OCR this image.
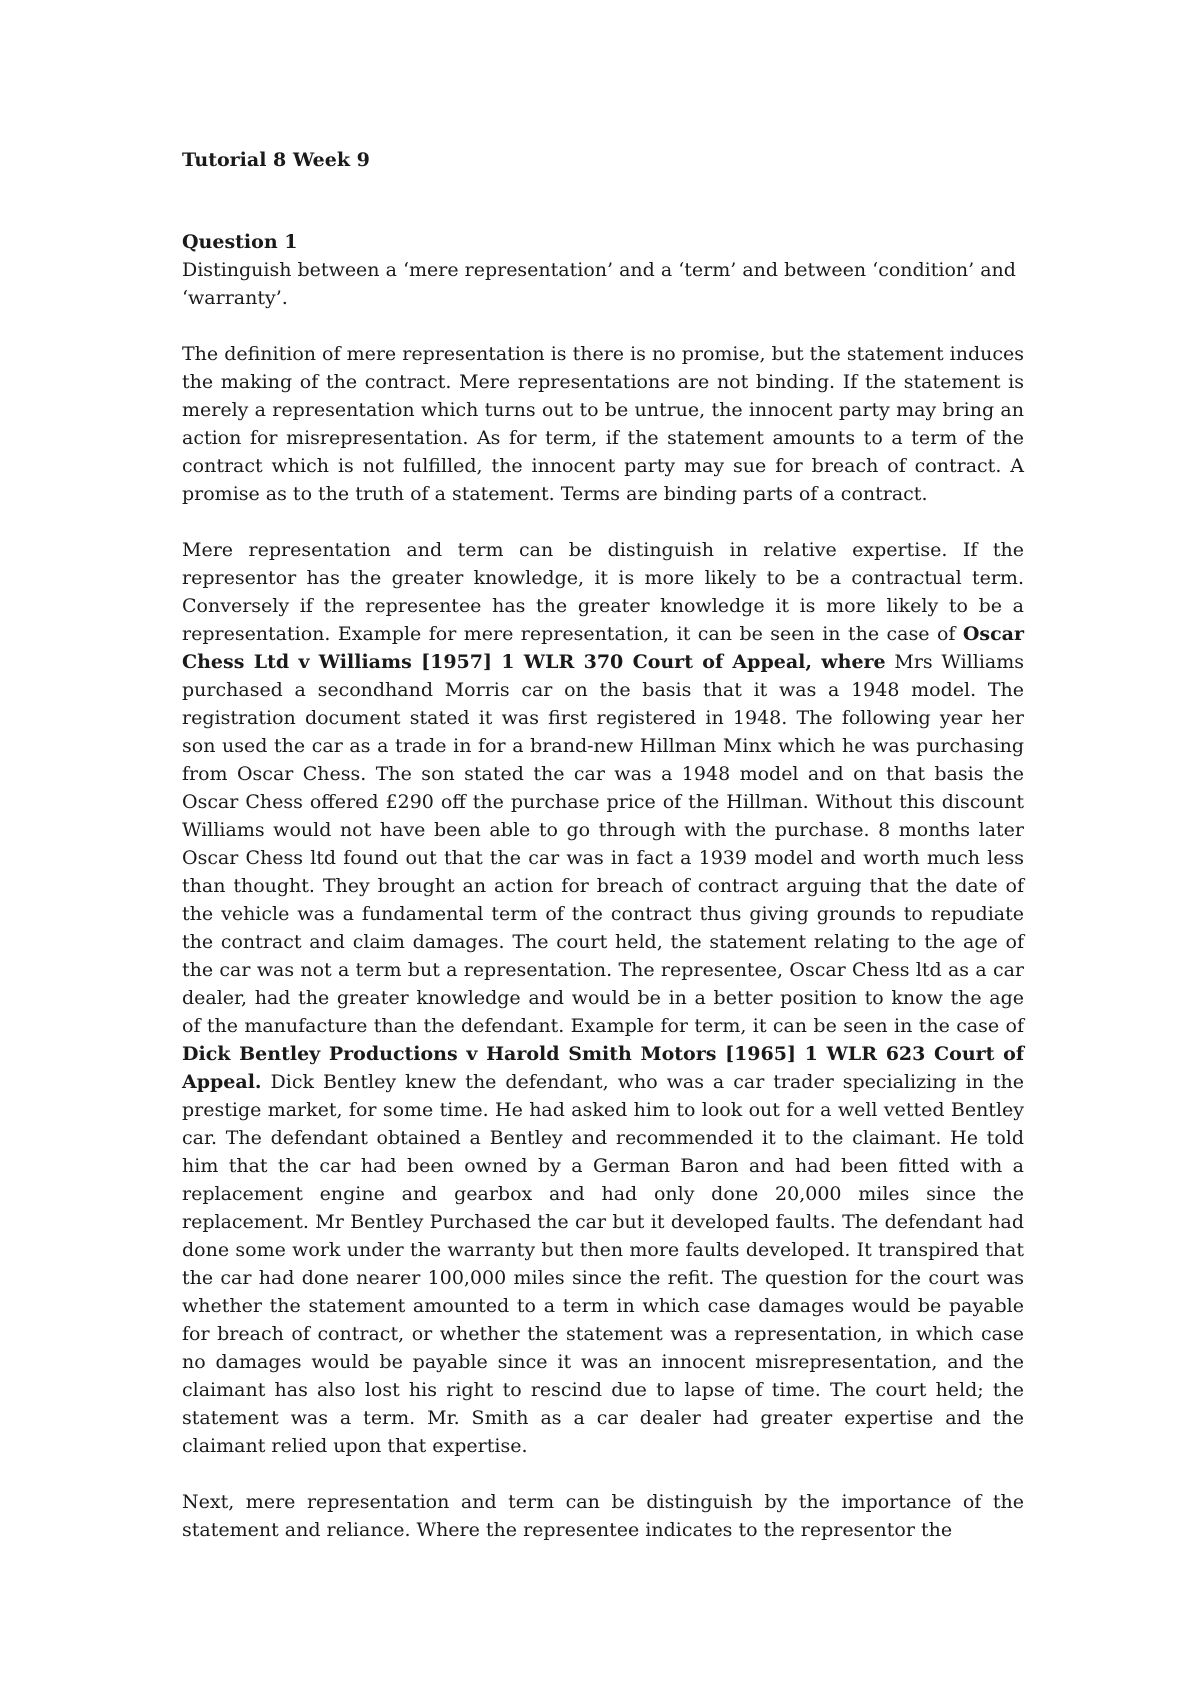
Tutorial 8 Week 9
Question 1

Distinguish between a ‘mere representation’ and a ‘term’ and between ‘condition’ and ‘warranty’.

The definition of mere representation is there is no promise, but the statement induces the making of the contract. Mere representations are not binding. If the statement is merely a representation which turns out to be untrue, the innocent party may bring an action for misrepresentation. As for term, if the statement amounts to a term of the contract which is not fulfilled, the innocent party may sue for breach of contract. A promise as to the truth of a statement. Terms are binding parts of a contract.

Mere representation and term can be distinguish in relative expertise. If the representor has the greater knowledge, it is more likely to be a contractual term. Conversely if the representee has the greater knowledge it is more likely to be a representation. Example for mere representation, it can be seen in the case of Oscar Chess Ltd v Williams [1957] 1 WLR 370 Court of Appeal, where Mrs Williams purchased a secondhand Morris car on the basis that it was a 1948 model. The registration document stated it was first registered in 1948. The following year her son used the car as a trade in for a brand-new Hillman Minx which he was purchasing from Oscar Chess. The son stated the car was a 1948 model and on that basis the Oscar Chess offered £290 off the purchase price of the Hillman. Without this discount Williams would not have been able to go through with the purchase. 8 months later Oscar Chess ltd found out that the car was in fact a 1939 model and worth much less than thought. They brought an action for breach of contract arguing that the date of the vehicle was a fundamental term of the contract thus giving grounds to repudiate the contract and claim damages. The court held, the statement relating to the age of the car was not a term but a representation. The representee, Oscar Chess ltd as a car dealer, had the greater knowledge and would be in a better position to know the age of the manufacture than the defendant. Example for term, it can be seen in the case of Dick Bentley Productions v Harold Smith Motors [1965] 1 WLR 623 Court of Appeal. Dick Bentley knew the defendant, who was a car trader specializing in the prestige market, for some time. He had asked him to look out for a well vetted Bentley car. The defendant obtained a Bentley and recommended it to the claimant. He told him that the car had been owned by a German Baron and had been fitted with a replacement engine and gearbox and had only done 20,000 miles since the replacement. Mr Bentley Purchased the car but it developed faults. The defendant had done some work under the warranty but then more faults developed. It transpired that the car had done nearer 100,000 miles since the refit. The question for the court was whether the statement amounted to a term in which case damages would be payable for breach of contract, or whether the statement was a representation, in which case no damages would be payable since it was an innocent misrepresentation, and the claimant has also lost his right to rescind due to lapse of time. The court held; the statement was a term. Mr. Smith as a car dealer had greater expertise and the claimant relied upon that expertise.

Next, mere representation and term can be distinguish by the importance of the statement and reliance. Where the representee indicates to the representor the
